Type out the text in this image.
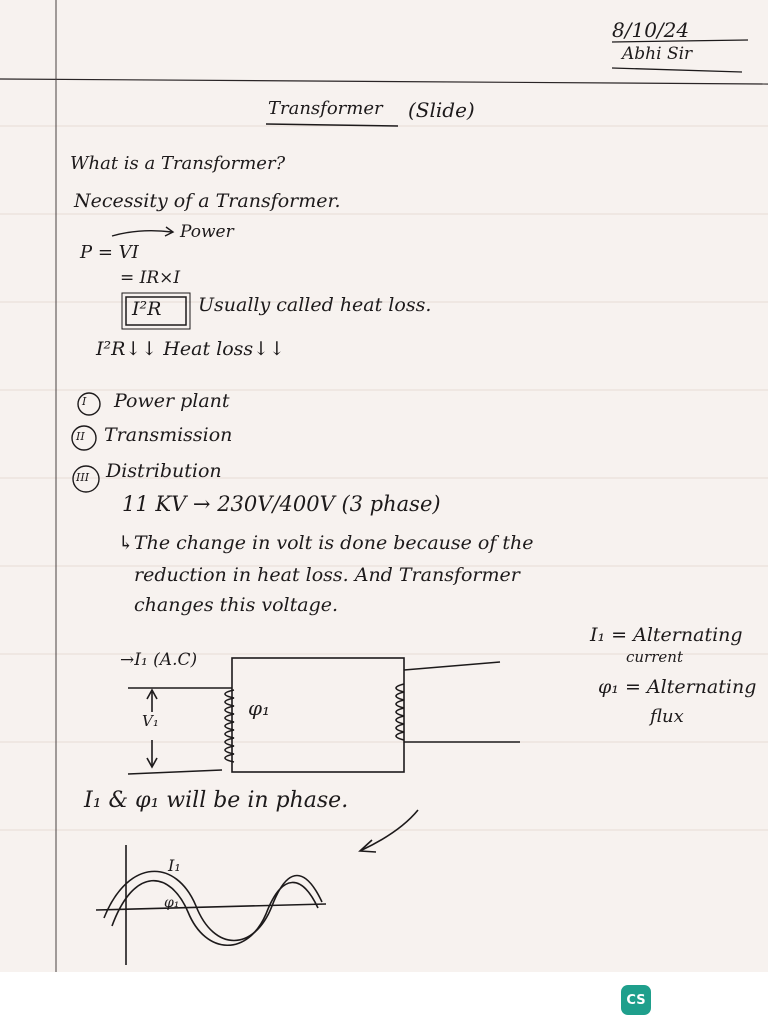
8/10/24
Abhi Sir
Transformer (Slide)
What is a Transformer?
Necessity of a Transformer.
Power
P = VI
= IR×I
I²R Usually called heat loss.
I²R↓↓ Heat loss↓↓
I Power plant
II Transmission
III Distribution
11 KV → 230V/400V (3 phase)
↳The change in volt is done because of the
reduction in heat loss. And Transformer
changes this voltage.
→I₁ (A.C)
V₁
φ₁
I₁ = Alternating
current
φ₁ = Alternating
flux
I₁ & φ₁ will be in phase.
I₁
φ₁
CS
